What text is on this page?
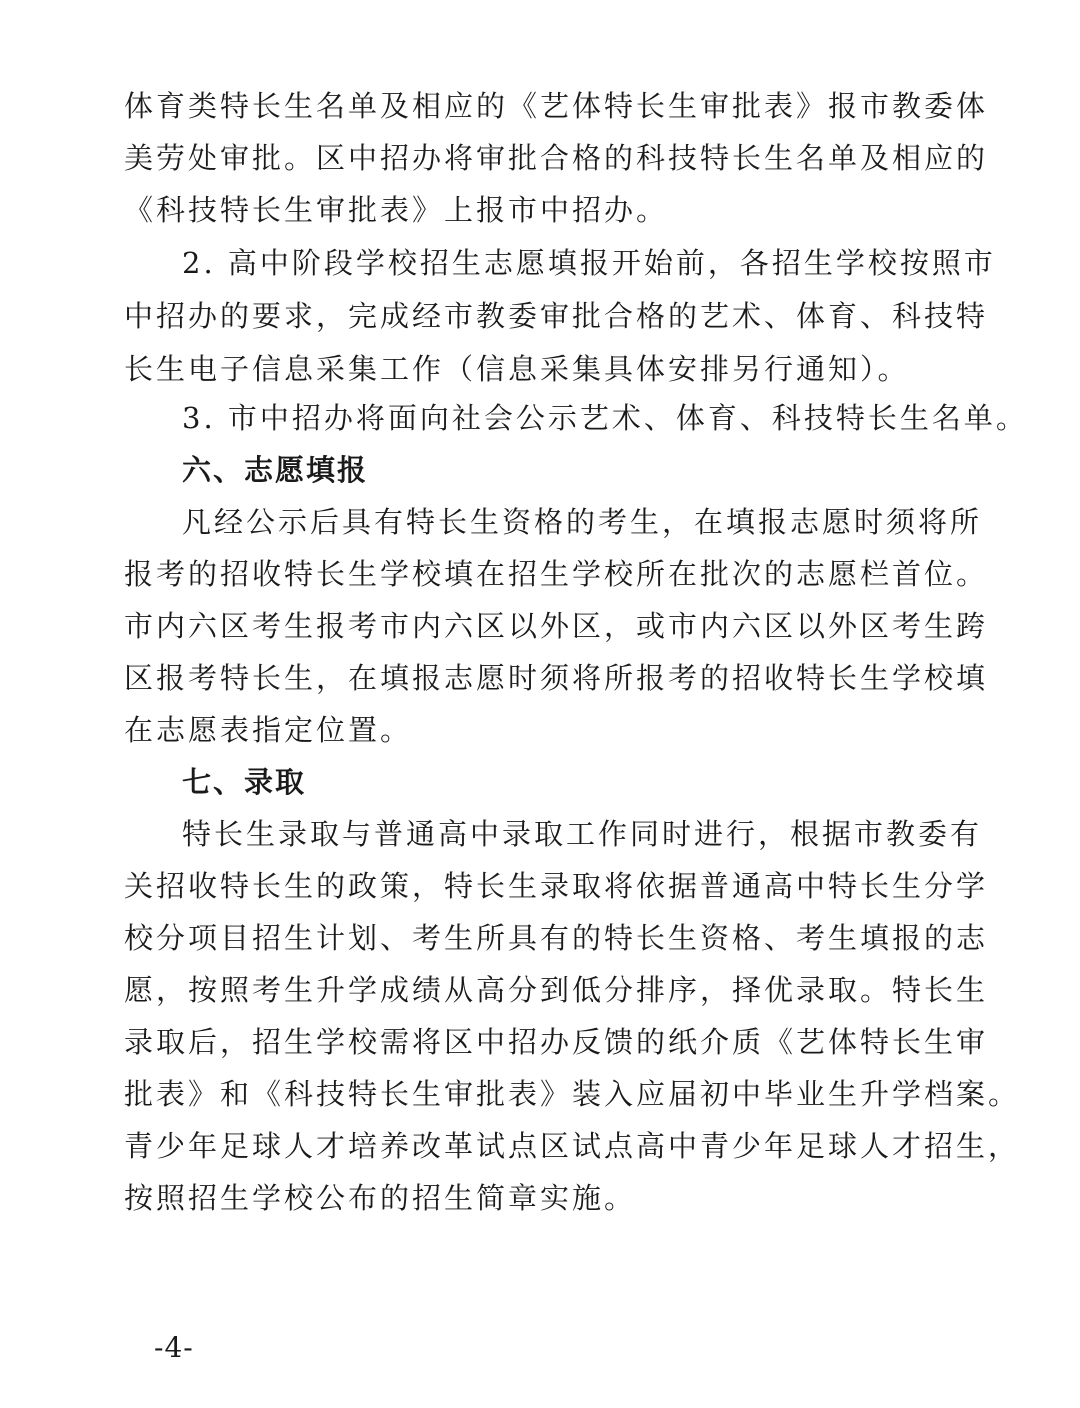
体育类特长生名单及相应的《艺体特长生审批表》报市教委体
美劳处审批。区中招办将审批合格的科技特长生名单及相应的
《科技特长生审批表》上报市中招办。
2. 高中阶段学校招生志愿填报开始前，各招生学校按照市
中招办的要求，完成经市教委审批合格的艺术、体育、科技特
长生电子信息采集工作（信息采集具体安排另行通知）。
3. 市中招办将面向社会公示艺术、体育、科技特长生名单。
六、志愿填报
凡经公示后具有特长生资格的考生，在填报志愿时须将所
报考的招收特长生学校填在招生学校所在批次的志愿栏首位。
市内六区考生报考市内六区以外区，或市内六区以外区考生跨
区报考特长生，在填报志愿时须将所报考的招收特长生学校填
在志愿表指定位置。
七、录取
特长生录取与普通高中录取工作同时进行，根据市教委有
关招收特长生的政策，特长生录取将依据普通高中特长生分学
校分项目招生计划、考生所具有的特长生资格、考生填报的志
愿，按照考生升学成绩从高分到低分排序，择优录取。特长生
录取后，招生学校需将区中招办反馈的纸介质《艺体特长生审
批表》和《科技特长生审批表》装入应届初中毕业生升学档案。
青少年足球人才培养改革试点区试点高中青少年足球人才招生，
按照招生学校公布的招生简章实施。
-4-
